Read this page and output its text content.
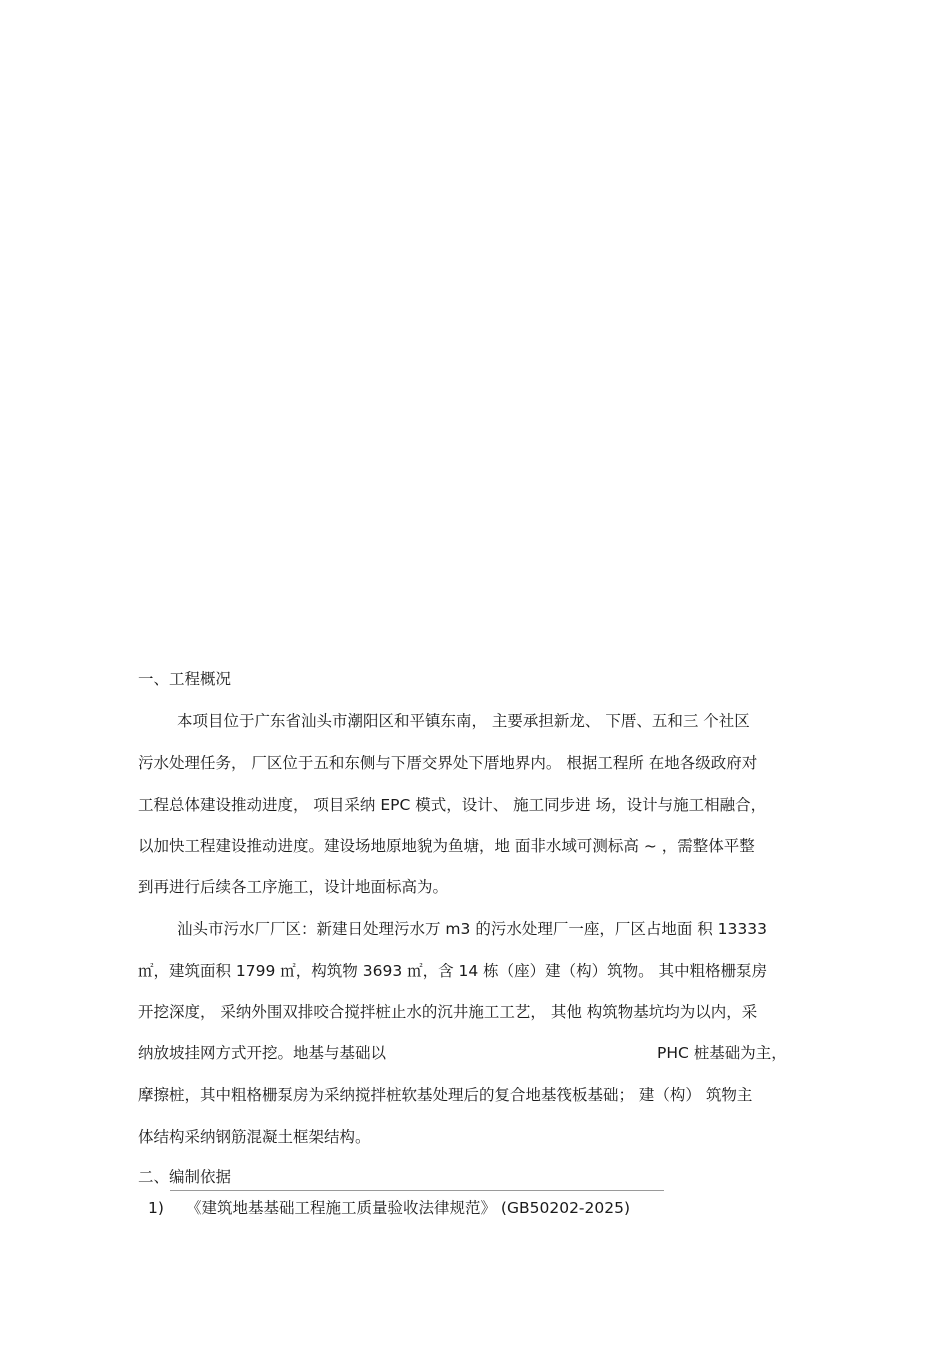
一、工程概况
本项目位于广东省汕头市潮阳区和平镇东南， 主要承担新龙、 下厝、五和三 个社区
污水处理任务， 厂区位于五和东侧与下厝交界处下厝地界内。 根据工程所 在地各级政府对
工程总体建设推动进度， 项目采纳 EPC 模式，设计、 施工同步进 场，设计与施工相融合，
以加快工程建设推动进度。建设场地原地貌为鱼塘，地 面非水域可测标高 ~ ，需整体平整
到再进行后续各工序施工，设计地面标高为。
汕头市污水厂厂区：新建日处理污水万 m3 的污水处理厂一座，厂区占地面 积 13333
㎡，建筑面积 1799 ㎡，构筑物 3693 ㎡，含 14 栋（座）建（构）筑物。 其中粗格栅泵房
开挖深度， 采纳外围双排咬合搅拌桩止水的沉井施工工艺， 其他 构筑物基坑均为以内，采
纳放坡挂网方式开挖。地基与基础以	PHC 桩基础为主，
摩擦桩，其中粗格栅泵房为采纳搅拌桩软基处理后的复合地基筏板基础； 建（构） 筑物主
体结构采纳钢筋混凝土框架结构。
二、编制依据
1) 《建筑地基基础工程施工质量验收法律规范》 (GB50202-2025)
